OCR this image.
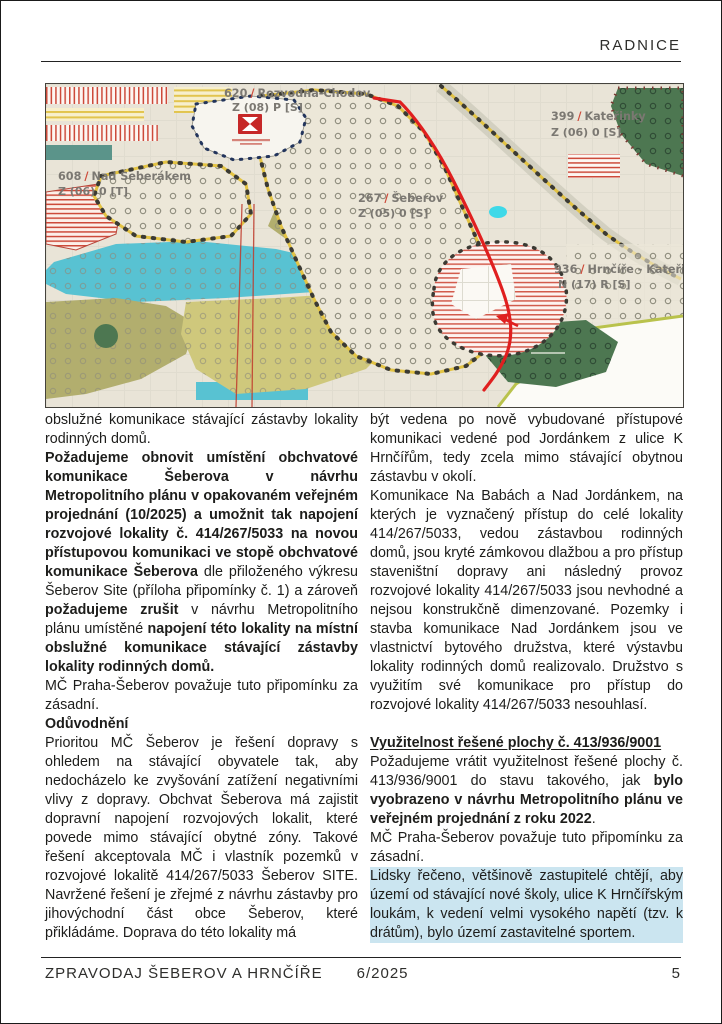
RADNICE
620 / Rozvodna-Chodov
Z (08) P [S]
608 / Nad Šeberákem
Z (06) 0 [T]
267 / Šeberov
Z (05) 0 [S]
399 / Kateřinky
Z (06) 0 [S]
936 / Hrnčíře - Kateřin
N (17) R [S]

obslužné komunikace stávající zástavby lokality rodinných domů.

Požadujeme obnovit umístění obchvatové komunikace Šeberova v návrhu Metropolitního plánu v opakovaném veřejném projednání (10/2025) a umožnit tak napojení rozvojové lokality č. 414/267/5033 na novou přístupovou komunikaci ve stopě obchvatové komunikace Šeberova dle přiloženého výkresu Šeberov Site (příloha připomínky č. 1) a zároveň požadujeme zrušit v návrhu Metropolitního plánu umístěné napojení této lokality na místní obslužné komunikace stávající zástavby lokality rodinných domů.

MČ Praha-Šeberov považuje tuto připomínku za zásadní.

Odůvodnění

Prioritou MČ Šeberov je řešení dopravy s ohledem na stávající obyvatele tak, aby nedocházelo ke zvyšování zatížení negativními vlivy z dopravy. Obchvat Šeberova má zajistit dopravní napojení rozvojových lokalit, které povede mimo stávající obytné zóny. Takové řešení akceptovala MČ i vlastník pozemků v rozvojové lokalitě 414/267/5033 Šeberov SITE. Navržené řešení je zřejmé z návrhu zástavby pro jihovýchodní část obce Šeberov, které přikládáme. Doprava do této lokality má

být vedena po nově vybudované přístupové komunikaci vedené pod Jordánkem z ulice K Hrnčířům, tedy zcela mimo stávající obytnou zástavbu v okolí.

Komunikace Na Babách a Nad Jordánkem, na kterých je vyznačený přístup do celé lokality 414/267/5033, vedou zástavbou rodinných domů, jsou kryté zámkovou dlažbou a pro přístup staveništní dopravy ani následný provoz rozvojové lokality 414/267/5033 jsou nevhodné a nejsou konstrukčně dimenzované. Pozemky i stavba komunikace Nad Jordánkem jsou ve vlastnictví bytového družstva, které výstavbu lokality rodinných domů realizovalo. Družstvo s využitím své komunikace pro přístup do rozvojové lokality 414/267/5033 nesouhlasí.

Využitelnost řešené plochy č. 413/936/9001

Požadujeme vrátit využitelnost řešené plochy č. 413/936/9001 do stavu takového, jak bylo vyobrazeno v návrhu Metropolitního plánu ve veřejném projednání z roku 2022.

MČ Praha-Šeberov považuje tuto připomínku za zásadní.

Lidsky řečeno, většinově zastupitelé chtějí, aby území od stávající nové školy, ulice K Hrnčířským loukám, k vedení velmi vysokého napětí (tzv. k drátům), bylo území zastavitelné sportem.

ZPRAVODAJ ŠEBEROV A HRNČÍŘE 6/2025	5
